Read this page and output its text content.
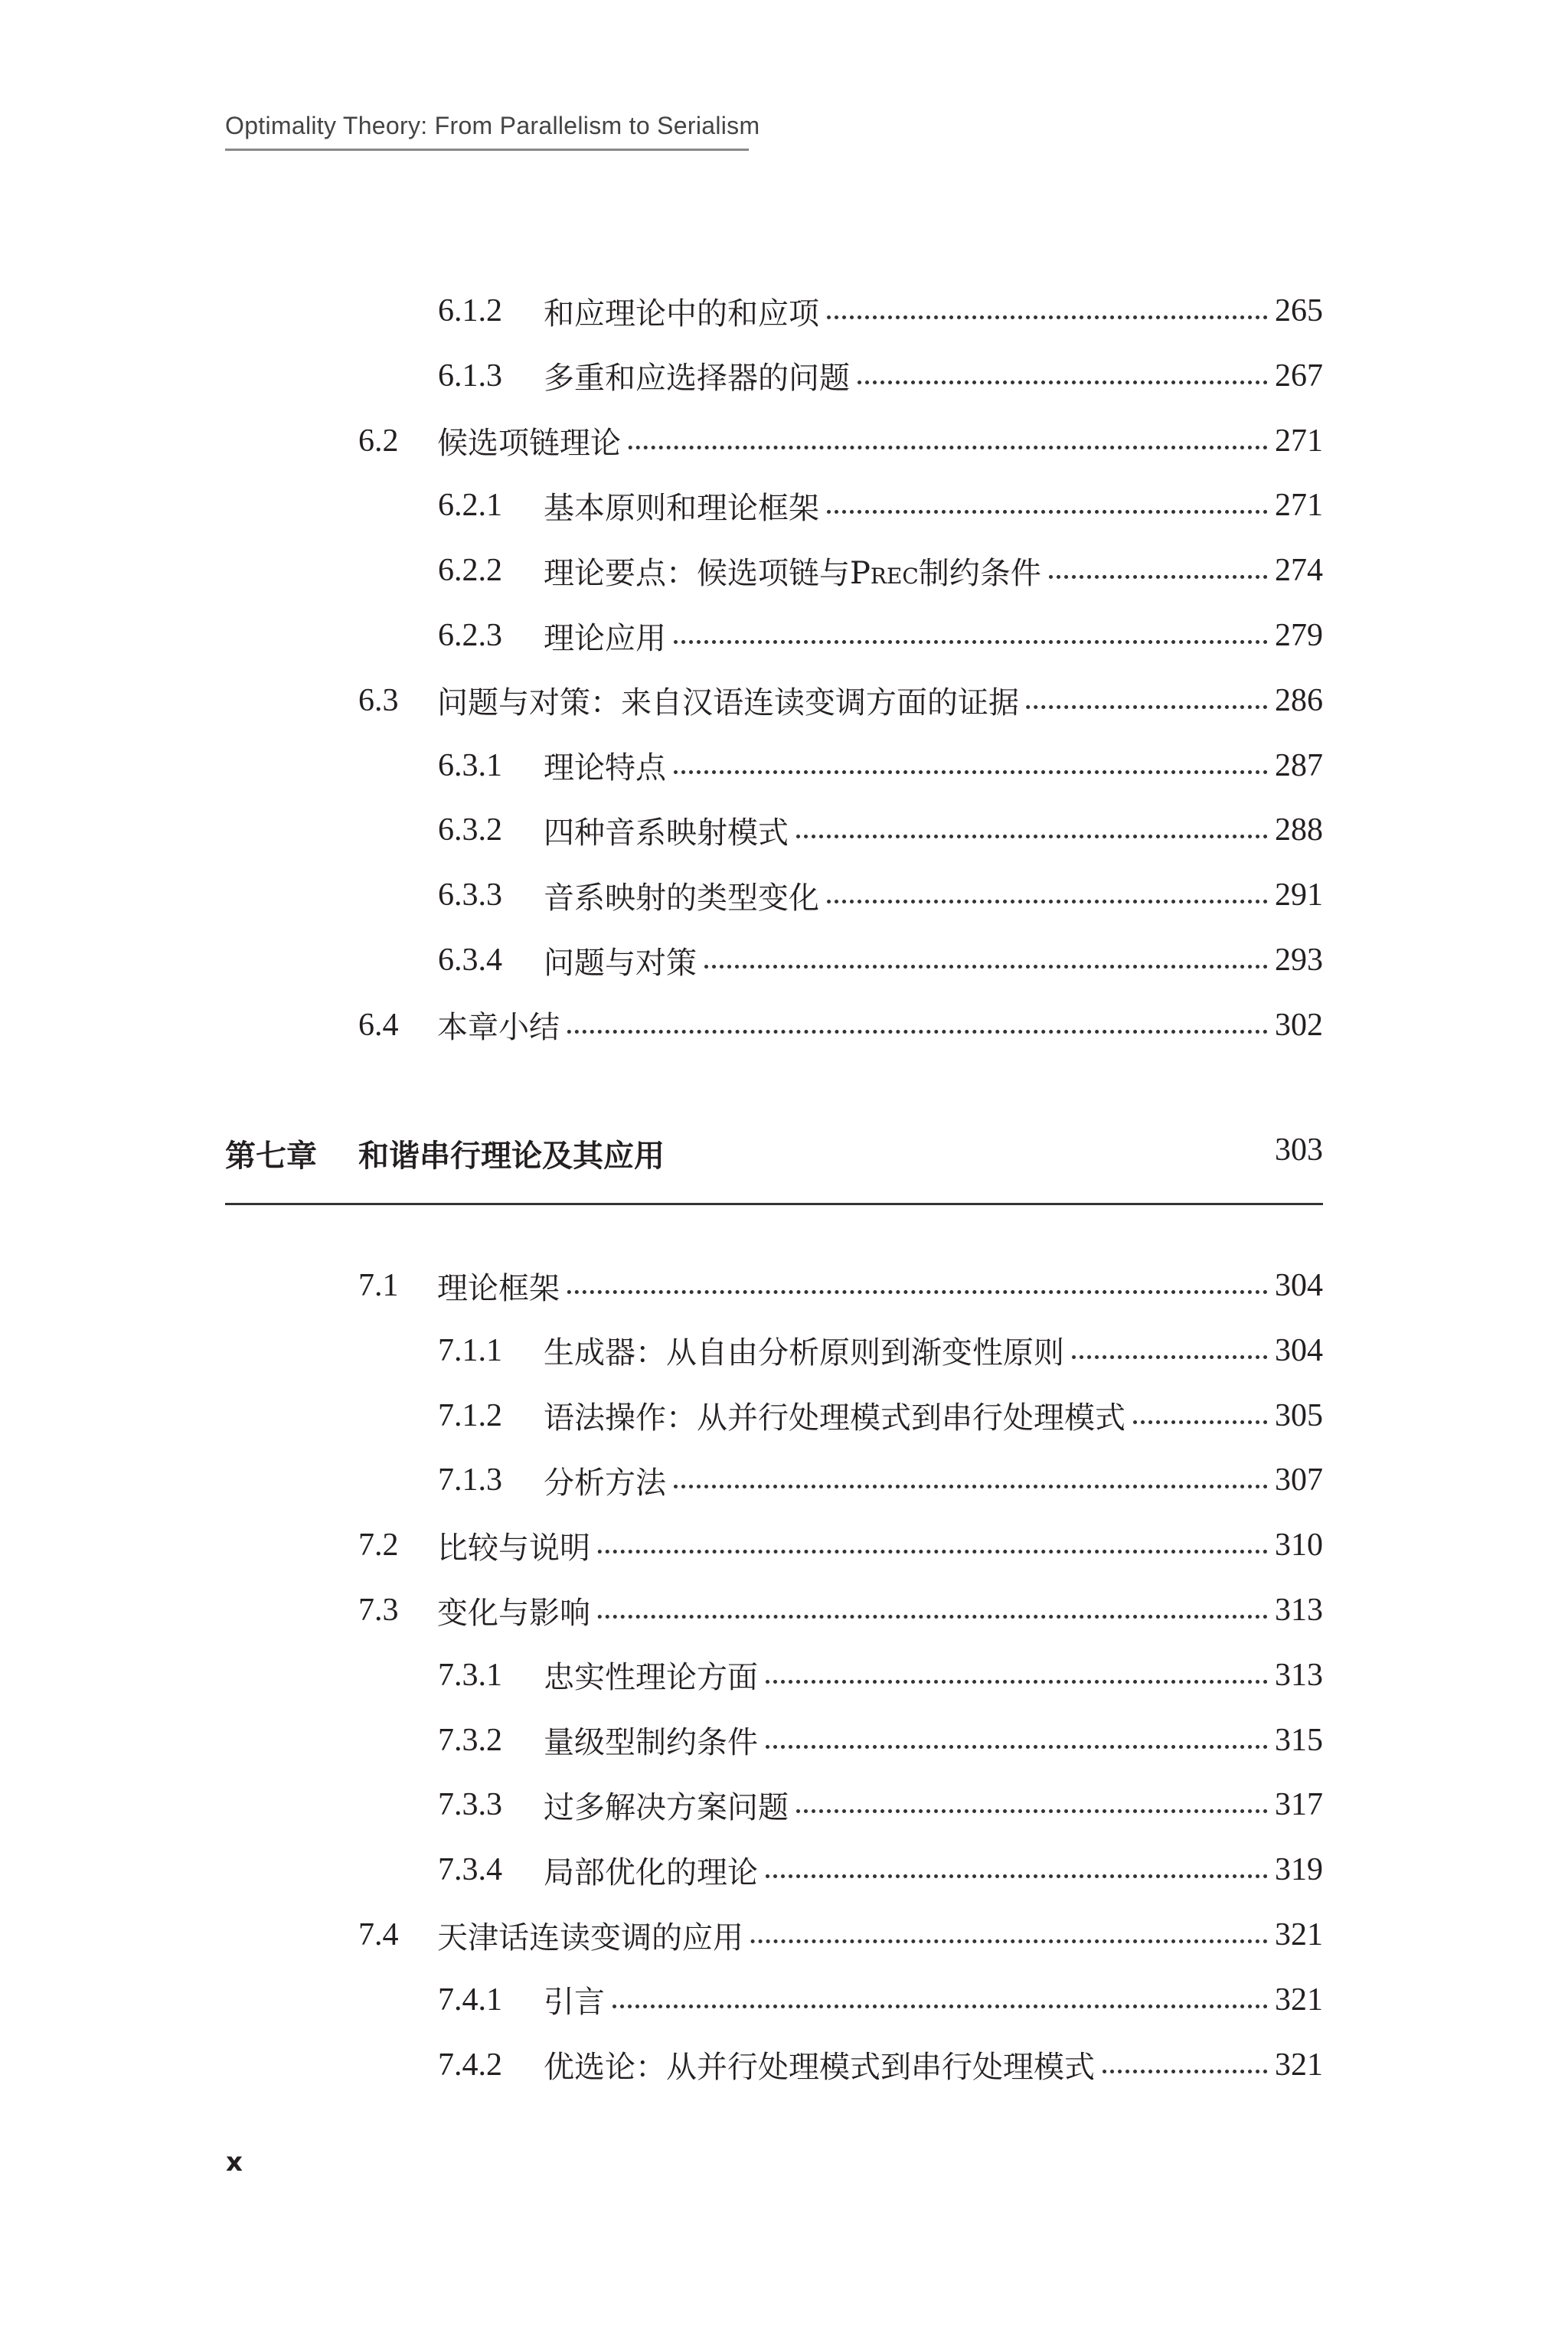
Optimality Theory: From Parallelism to Serialism
6.1.2 和应理论中的和应项	265
6.1.3 多重和应选择器的问题	267
6.2 候选项链理论	271
6.2.1 基本原则和理论框架	271
6.2.2 理论要点：候选项链与Prec制约条件	274
6.2.3 理论应用	279
6.3 问题与对策：来自汉语连读变调方面的证据	286
6.3.1 理论特点	287
6.3.2 四种音系映射模式	288
6.3.3 音系映射的类型变化	291
6.3.4 问题与对策	293
6.4 本章小结	302
第七章 和谐串行理论及其应用	303
7.1 理论框架	304
7.1.1 生成器：从自由分析原则到渐变性原则	304
7.1.2 语法操作：从并行处理模式到串行处理模式	305
7.1.3 分析方法	307
7.2 比较与说明	310
7.3 变化与影响	313
7.3.1 忠实性理论方面	313
7.3.2 量级型制约条件	315
7.3.3 过多解决方案问题	317
7.3.4 局部优化的理论	319
7.4 天津话连读变调的应用	321
7.4.1 引言	321
7.4.2 优选论：从并行处理模式到串行处理模式	321
x
